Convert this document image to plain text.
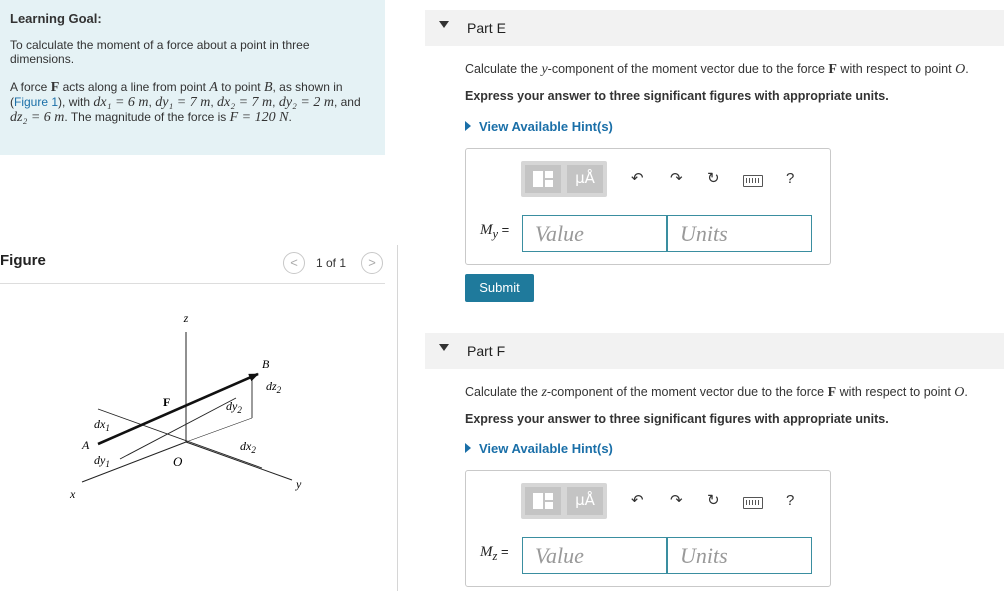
Learning Goal:

To calculate the moment of a force about a point in three dimensions.

A force F acts along a line from point A to point B, as shown in (Figure 1), with dx₁ = 6 m, dy₁ = 7 m, dx₂ = 7 m, dy₂ = 2 m, and dz₂ = 6 m. The magnitude of the force is F = 120 N.

Figure	<	1 of 1	>
z
x
y
O
A
B
F
$dx_1$
$dy_1$
$dx_2$
$dy_2$
$dz_2$
Part E
Calculate the y-component of the moment vector due to the force F with respect to point O.
Express your answer to three significant figures with appropriate units.
View Available Hint(s)
μÅ	↶ ↷ ↻	?
$M_y$ = Value	Units
Submit
Part F
Calculate the z-component of the moment vector due to the force F with respect to point O.
Express your answer to three significant figures with appropriate units.
View Available Hint(s)
μÅ	↶ ↷ ↻	?
$M_z$ = Value	Units
